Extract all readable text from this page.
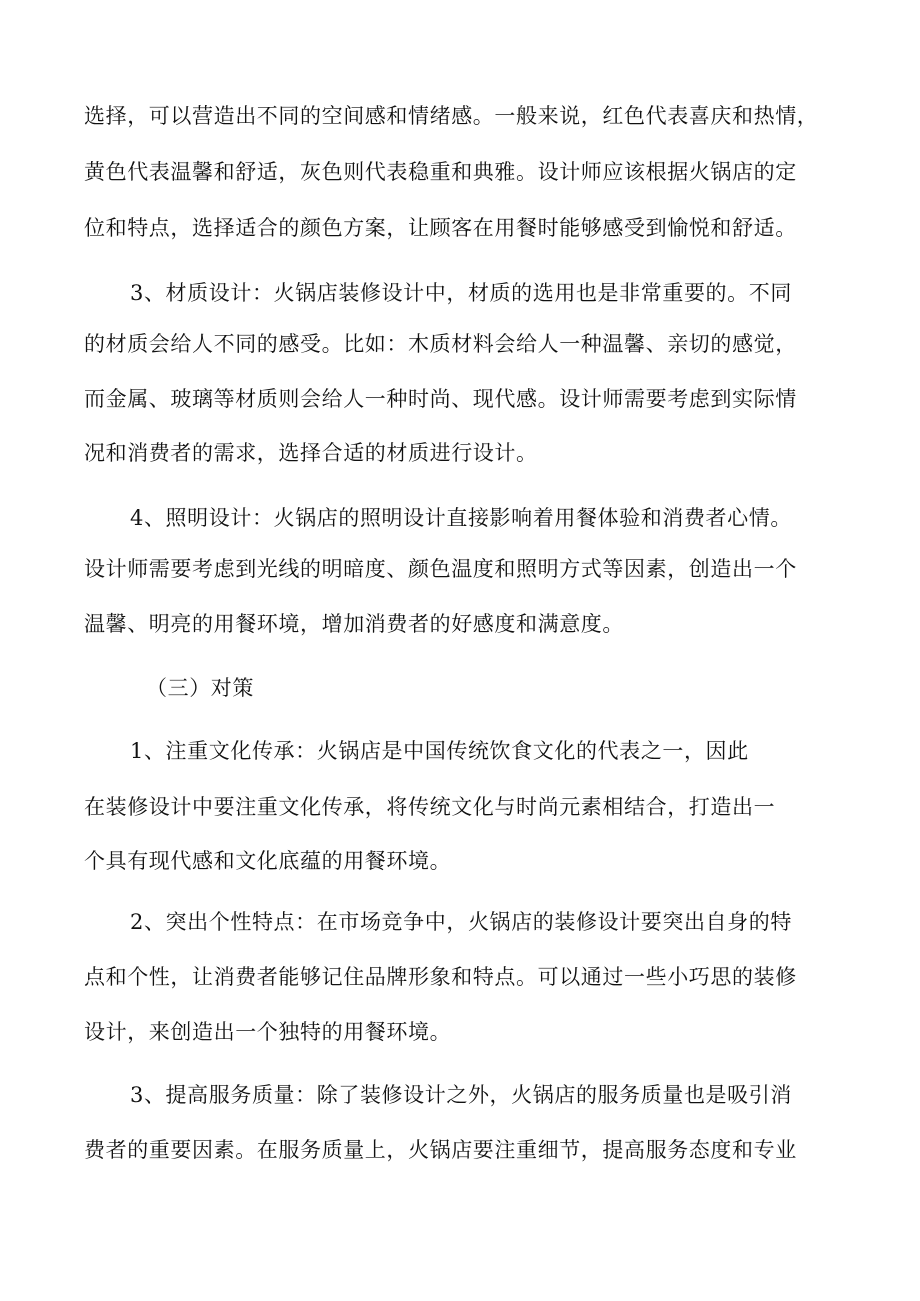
选择，可以营造出不同的空间感和情绪感。一般来说，红色代表喜庆和热情，
黄色代表温馨和舒适，灰色则代表稳重和典雅。设计师应该根据火锅店的定
位和特点，选择适合的颜色方案，让顾客在用餐时能够感受到愉悦和舒适。
3、材质设计：火锅店装修设计中，材质的选用也是非常重要的。不同
的材质会给人不同的感受。比如：木质材料会给人一种温馨、亲切的感觉，
而金属、玻璃等材质则会给人一种时尚、现代感。设计师需要考虑到实际情
况和消费者的需求，选择合适的材质进行设计。
4、照明设计：火锅店的照明设计直接影响着用餐体验和消费者心情。
设计师需要考虑到光线的明暗度、颜色温度和照明方式等因素，创造出一个
温馨、明亮的用餐环境，增加消费者的好感度和满意度。
（三）对策
1、注重文化传承：火锅店是中国传统饮食文化的代表之一，因此
在装修设计中要注重文化传承，将传统文化与时尚元素相结合，打造出一
个具有现代感和文化底蕴的用餐环境。
2、突出个性特点：在市场竞争中，火锅店的装修设计要突出自身的特
点和个性，让消费者能够记住品牌形象和特点。可以通过一些小巧思的装修
设计，来创造出一个独特的用餐环境。
3、提高服务质量：除了装修设计之外，火锅店的服务质量也是吸引消
费者的重要因素。在服务质量上，火锅店要注重细节，提高服务态度和专业
